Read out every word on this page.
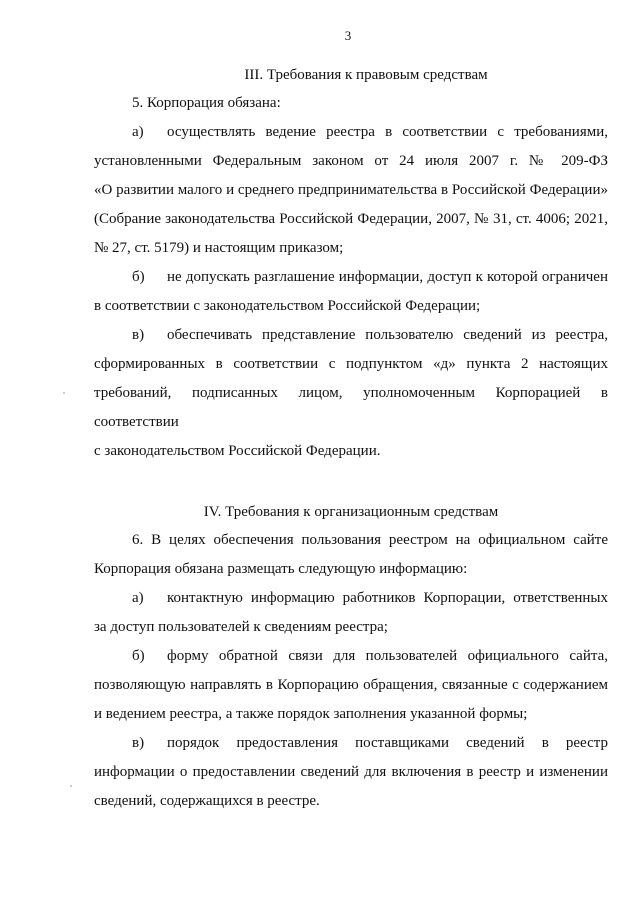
3
III. Требования к правовым средствам

5. Корпорация обязана:

а) осуществлять ведение реестра в соответствии с требованиями,

установленными Федеральным законом от 24 июля 2007 г. № 209-ФЗ

«О развитии малого и среднего предпринимательства в Российской Федерации»

(Собрание законодательства Российской Федерации, 2007, № 31, ст. 4006; 2021,

№ 27, ст. 5179) и настоящим приказом;

б) не допускать разглашение информации, доступ к которой ограничен

в соответствии с законодательством Российской Федерации;

в) обеспечивать представление пользователю сведений из реестра,

сформированных в соответствии с подпунктом «д» пункта 2 настоящих

требований, подписанных лицом, уполномоченным Корпорацией в соответствии

с законодательством Российской Федерации.

IV. Требования к организационным средствам

6. В целях обеспечения пользования реестром на официальном сайте

Корпорация обязана размещать следующую информацию:

а) контактную информацию работников Корпорации, ответственных

за доступ пользователей к сведениям реестра;

б) форму обратной связи для пользователей официального сайта,

позволяющую направлять в Корпорацию обращения, связанные с содержанием

и ведением реестра, а также порядок заполнения указанной формы;

в) порядок предоставления поставщиками сведений в реестр

информации о предоставлении сведений для включения в реестр и изменении

сведений, содержащихся в реестре.
